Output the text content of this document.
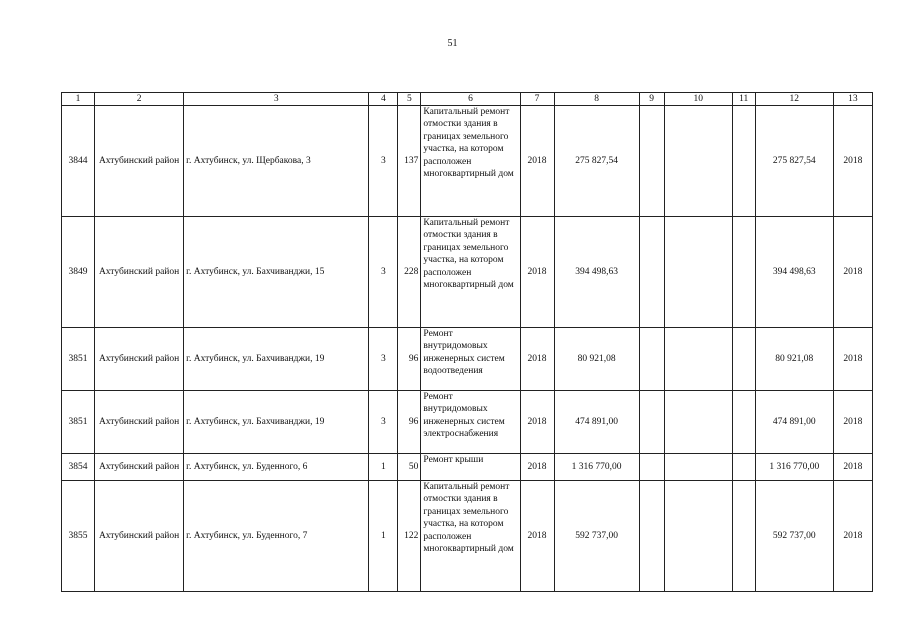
51
1	2	3	4	5	6	7	8	9	10	11	12	13
3844	Ахтубинский район	г. Ахтубинск, ул. Щербакова, 3	3	137	Капитальный ремонт отмостки здания в границах земельного участка, на котором расположен многоквартирный дом	2018	275 827,54				275 827,54	2018
3849	Ахтубинский район	г. Ахтубинск, ул. Бахчиванджи, 15	3	228	Капитальный ремонт отмостки здания в границах земельного участка, на котором расположен многоквартирный дом	2018	394 498,63				394 498,63	2018
3851	Ахтубинский район	г. Ахтубинск, ул. Бахчиванджи, 19	3	96	Ремонт внутридомовых инженерных систем водоотведения	2018	80 921,08				80 921,08	2018
3851	Ахтубинский район	г. Ахтубинск, ул. Бахчиванджи, 19	3	96	Ремонт внутридомовых инженерных систем электроснабжения	2018	474 891,00				474 891,00	2018
3854	Ахтубинский район	г. Ахтубинск, ул. Буденного, 6	1	50	Ремонт крыши	2018	1 316 770,00				1 316 770,00	2018
3855	Ахтубинский район	г. Ахтубинск, ул. Буденного, 7	1	122	Капитальный ремонт отмостки здания в границах земельного участка, на котором расположен многоквартирный дом	2018	592 737,00				592 737,00	2018
